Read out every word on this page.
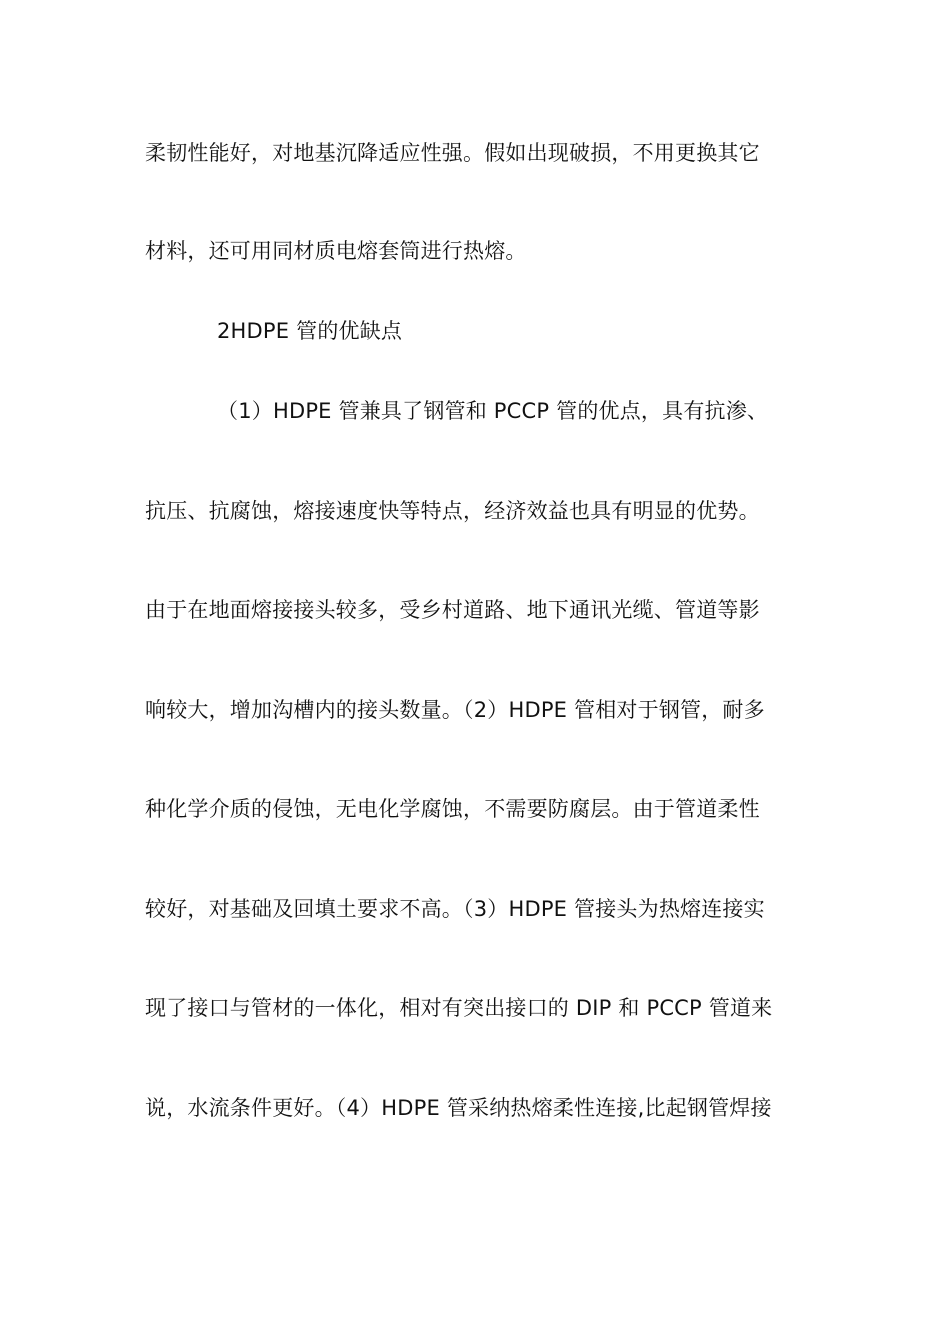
柔韧性能好，对地基沉降适应性强。假如出现破损，不用更换其它
材料，还可用同材质电熔套筒进行热熔。
2HDPE 管的优缺点
（1）HDPE 管兼具了钢管和 PCCP 管的优点，具有抗渗、
抗压、抗腐蚀，熔接速度快等特点，经济效益也具有明显的优势。
由于在地面熔接接头较多，受乡村道路、地下通讯光缆、管道等影
响较大，增加沟槽内的接头数量。（2）HDPE 管相对于钢管，耐多
种化学介质的侵蚀，无电化学腐蚀，不需要防腐层。由于管道柔性
较好，对基础及回填土要求不高。（3）HDPE 管接头为热熔连接实
现了接口与管材的一体化，相对有突出接口的 DIP 和 PCCP 管道来
说，水流条件更好。（4）HDPE 管采纳热熔柔性连接,比起钢管焊接
